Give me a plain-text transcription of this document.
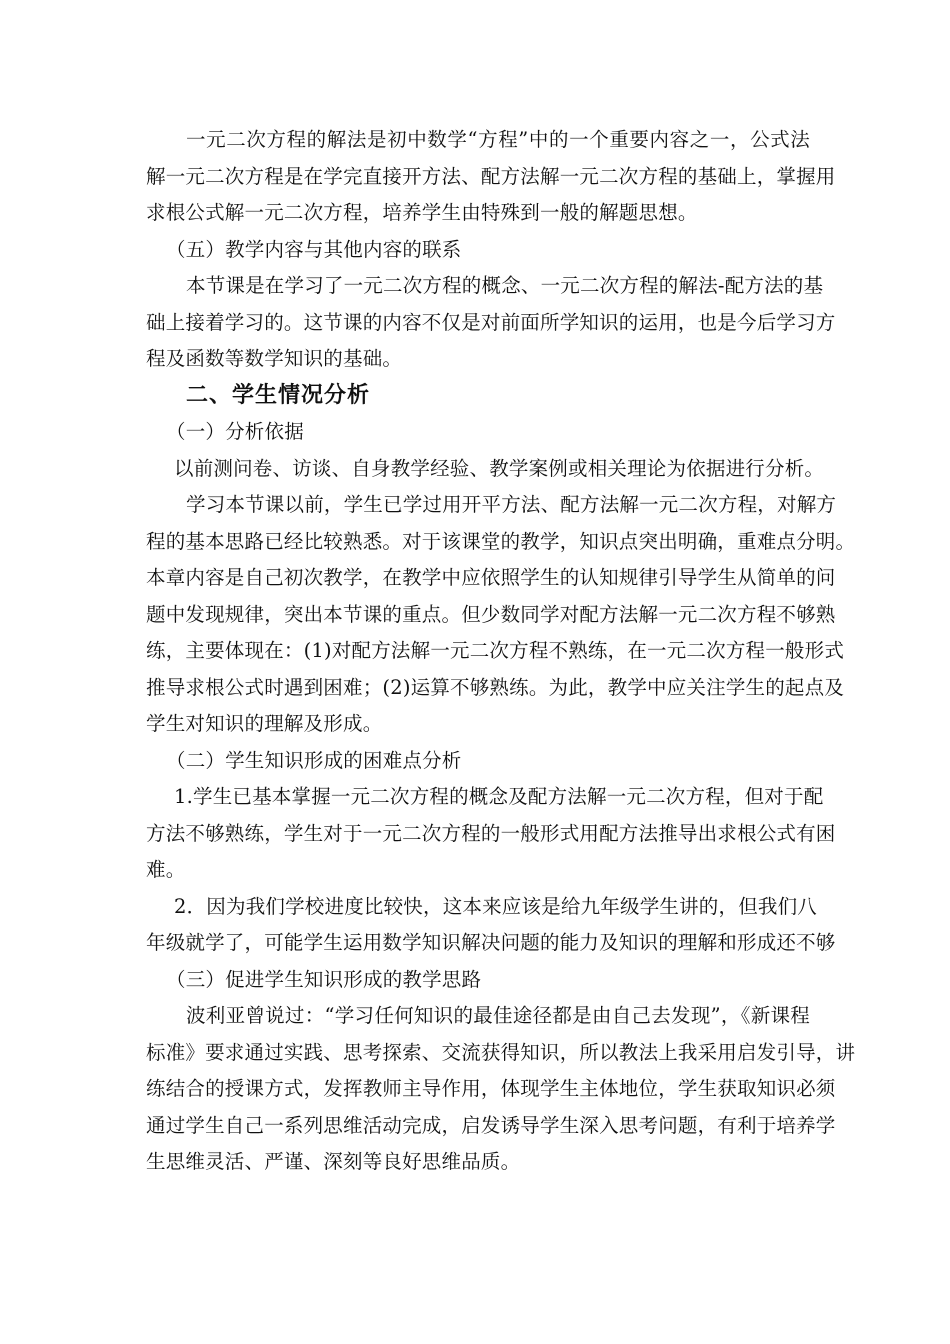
一元二次方程的解法是初中数学“方程”中的一个重要内容之一，公式法
解一元二次方程是在学完直接开方法、配方法解一元二次方程的基础上，掌握用
求根公式解一元二次方程，培养学生由特殊到一般的解题思想。
（五）教学内容与其他内容的联系
本节课是在学习了一元二次方程的概念、一元二次方程的解法-配方法的基
础上接着学习的。这节课的内容不仅是对前面所学知识的运用，也是今后学习方
程及函数等数学知识的基础。
二、学生情况分析
（一）分析依据
以前测问卷、访谈、自身教学经验、教学案例或相关理论为依据进行分析。
学习本节课以前，学生已学过用开平方法、配方法解一元二次方程，对解方
程的基本思路已经比较熟悉。对于该课堂的教学，知识点突出明确，重难点分明。
本章内容是自己初次教学，在教学中应依照学生的认知规律引导学生从简单的问
题中发现规律，突出本节课的重点。但少数同学对配方法解一元二次方程不够熟
练，主要体现在：(1)对配方法解一元二次方程不熟练，在一元二次方程一般形式
推导求根公式时遇到困难；(2)运算不够熟练。为此，教学中应关注学生的起点及
学生对知识的理解及形成。
（二）学生知识形成的困难点分析
1.学生已基本掌握一元二次方程的概念及配方法解一元二次方程，但对于配
方法不够熟练，学生对于一元二次方程的一般形式用配方法推导出求根公式有困
难。
2．因为我们学校进度比较快，这本来应该是给九年级学生讲的，但我们八
年级就学了，可能学生运用数学知识解决问题的能力及知识的理解和形成还不够
（三）促进学生知识形成的教学思路
波利亚曾说过：“学习任何知识的最佳途径都是由自己去发现”，《新课程
标准》要求通过实践、思考探索、交流获得知识，所以教法上我采用启发引导，讲
练结合的授课方式，发挥教师主导作用，体现学生主体地位，学生获取知识必须
通过学生自己一系列思维活动完成，启发诱导学生深入思考问题，有利于培养学
生思维灵活、严谨、深刻等良好思维品质。
